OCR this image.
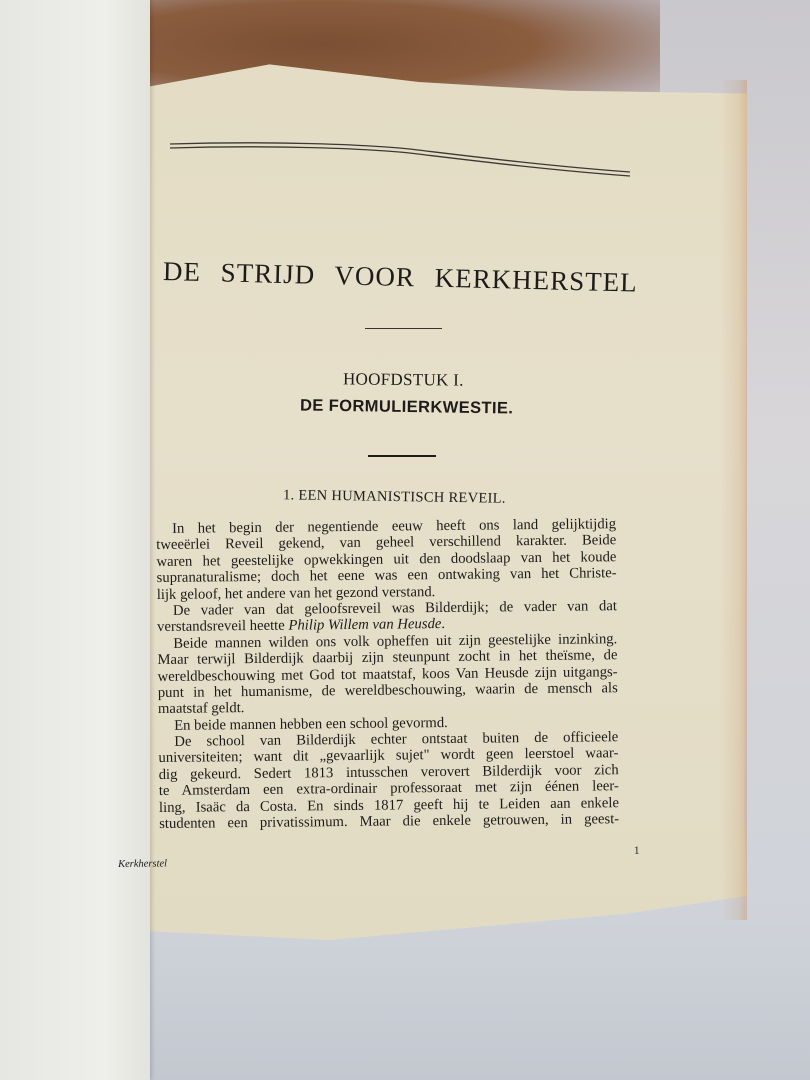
DE STRIJD VOOR KERKHERSTEL
HOOFDSTUK I.
DE FORMULIERKWESTIE.
1. EEN HUMANISTISCH REVEIL.
In het begin der negentiende eeuw heeft ons land gelijktijdig
tweeërlei Reveil gekend, van geheel verschillend karakter. Beide
waren het geestelijke opwekkingen uit den doodslaap van het koude
supranaturalisme; doch het eene was een ontwaking van het Christe-
lijk geloof, het andere van het gezond verstand.
De vader van dat geloofsreveil was Bilderdijk; de vader van dat
verstandsreveil heette Philip Willem van Heusde.
Beide mannen wilden ons volk opheffen uit zijn geestelijke inzinking.
Maar terwijl Bilderdijk daarbij zijn steunpunt zocht in het theïsme, de
wereldbeschouwing met God tot maatstaf, koos Van Heusde zijn uitgangs-
punt in het humanisme, de wereldbeschouwing, waarin de mensch als
maatstaf geldt.
En beide mannen hebben een school gevormd.
De school van Bilderdijk echter ontstaat buiten de officieele
universiteiten; want dit „gevaarlijk sujet" wordt geen leerstoel waar-
dig gekeurd. Sedert 1813 intusschen verovert Bilderdijk voor zich
te Amsterdam een extra-ordinair professoraat met zijn éénen leer-
ling, Isaäc da Costa. En sinds 1817 geeft hij te Leiden aan enkele
studenten een privatissimum. Maar die enkele getrouwen, in geest-
Kerkherstel
1
